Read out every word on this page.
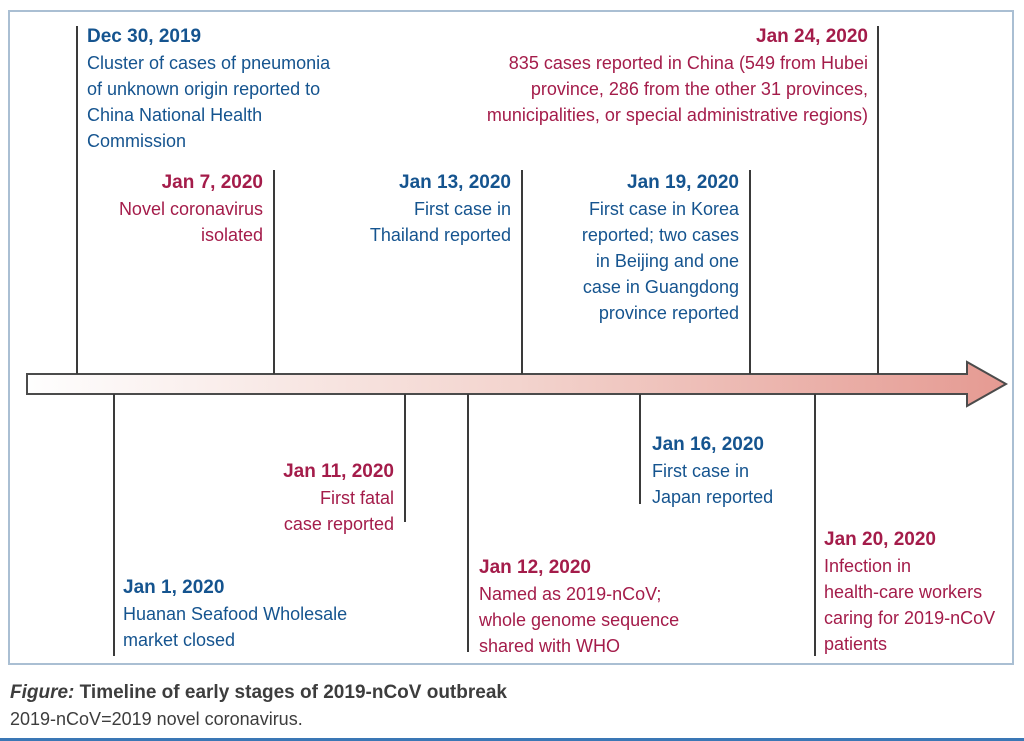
Dec 30, 2019
Cluster of cases of pneumonia
of unknown origin reported to
China National Health
Commission
Jan 7, 2020
Novel coronavirus
isolated
Jan 13, 2020
First case in
Thailand reported
Jan 19, 2020
First case in Korea
reported; two cases
in Beijing and one
case in Guangdong
province reported
Jan 24, 2020
835 cases reported in China (549 from Hubei
province, 286 from the other 31 provinces,
municipalities, or special administrative regions)
Jan 1, 2020
Huanan Seafood Wholesale
market closed
Jan 11, 2020
First fatal
case reported
Jan 12, 2020
Named as 2019-nCoV;
whole genome sequence
shared with WHO
Jan 16, 2020
First case in
Japan reported
Jan 20, 2020
Infection in
health-care workers
caring for 2019-nCoV
patients
Figure: Timeline of early stages of 2019-nCoV outbreak
2019-nCoV=2019 novel coronavirus.
